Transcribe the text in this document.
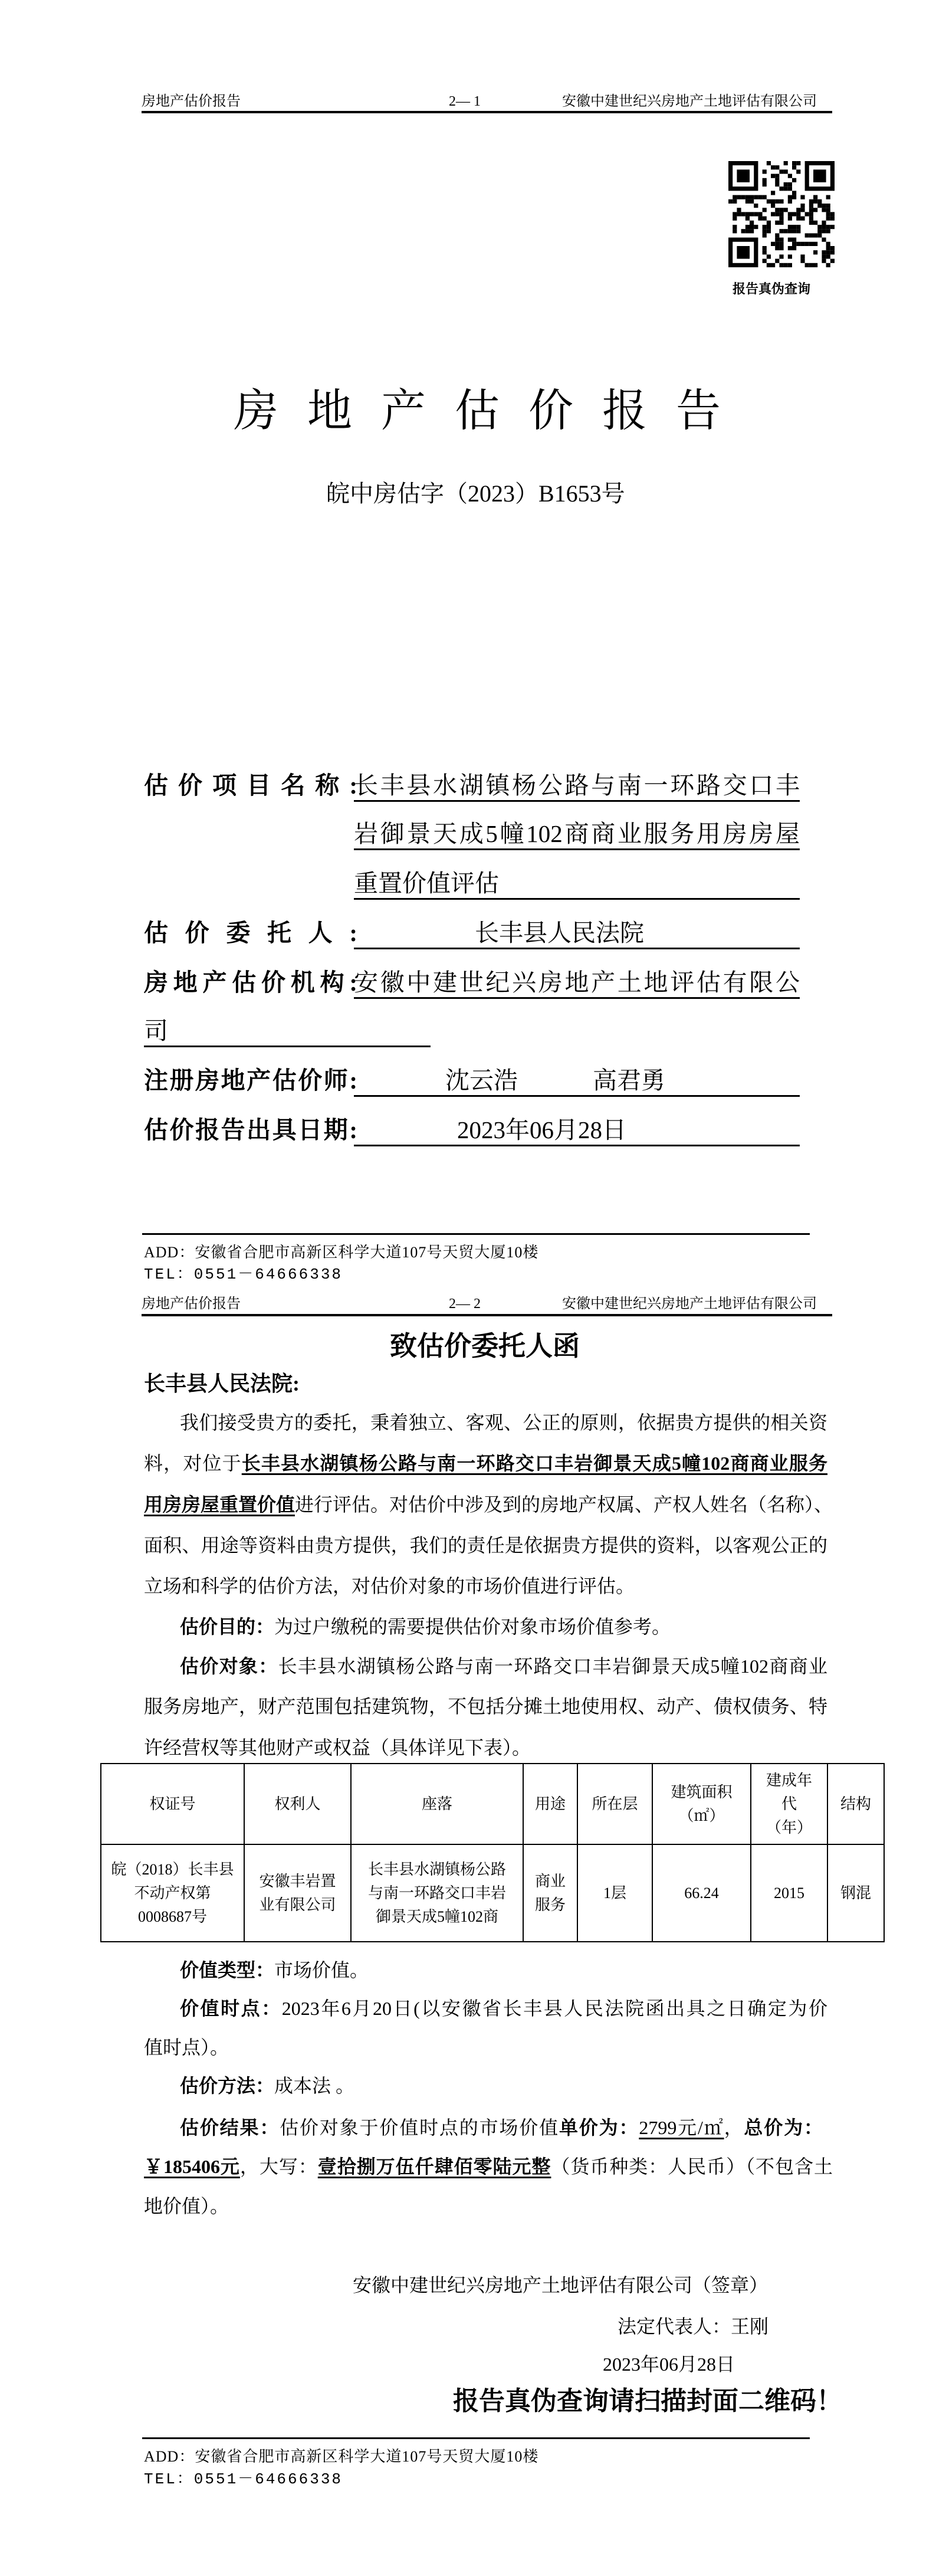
房地产估价报告	2— 1	安徽中建世纪兴房地产土地评估有限公司
报告真伪查询
房地产估价报告
皖中房估字（2023）B1653号
估价项目名称:
长丰县水湖镇杨公路与南一环路交口丰
岩御景天成5幢102商商业服务用房房屋
重置价值评估
估价委托人:	长丰县人民法院
房地产估价机构:
安徽中建世纪兴房地产土地评估有限公
司
注册房地产估价师:	沈云浩	高君勇
估价报告出具日期:	2023年06月28日
ADD：安徽省合肥市高新区科学大道107号天贸大厦10楼
TEL：0551－64666338
房地产估价报告	2— 2	安徽中建世纪兴房地产土地评估有限公司
致估价委托人函
长丰县人民法院:
我们接受贵方的委托，秉着独立、客观、公正的原则，依据贵方提供的相关资
料，对位于长丰县水湖镇杨公路与南一环路交口丰岩御景天成5幢102商商业服务
用房房屋重置价值进行评估。对估价中涉及到的房地产权属、产权人姓名（名称）、
面积、用途等资料由贵方提供，我们的责任是依据贵方提供的资料，以客观公正的
立场和科学的估价方法，对估价对象的市场价值进行评估。
估价目的：为过户缴税的需要提供估价对象市场价值参考。
估价对象：长丰县水湖镇杨公路与南一环路交口丰岩御景天成5幢102商商业
服务房地产，财产范围包括建筑物，不包括分摊土地使用权、动产、债权债务、特
许经营权等其他财产或权益（具体详见下表）。
权证号	权利人	座落	用途	所在层	建筑面积
（㎡）	建成年
代
（年）	结构

皖（2018）长丰县
不动产权第
0008687号	安徽丰岩置
业有限公司	长丰县水湖镇杨公路
与南一环路交口丰岩
御景天成5幢102商	商业
服务	1层	66.24	2015	钢混
价值类型：市场价值。
价值时点：2023年6月20日(以安徽省长丰县人民法院函出具之日确定为价
值时点）。
估价方法：成本法 。
估价结果：估价对象于价值时点的市场价值单价为：2799元/㎡，总价为：
￥185406元，大写：壹拾捌万伍仟肆佰零陆元整（货币种类：人民币）（不包含土
地价值）。
安徽中建世纪兴房地产土地评估有限公司（签章）
法定代表人：王刚
2023年06月28日
报告真伪查询请扫描封面二维码！
ADD：安徽省合肥市高新区科学大道107号天贸大厦10楼
TEL：0551－64666338
